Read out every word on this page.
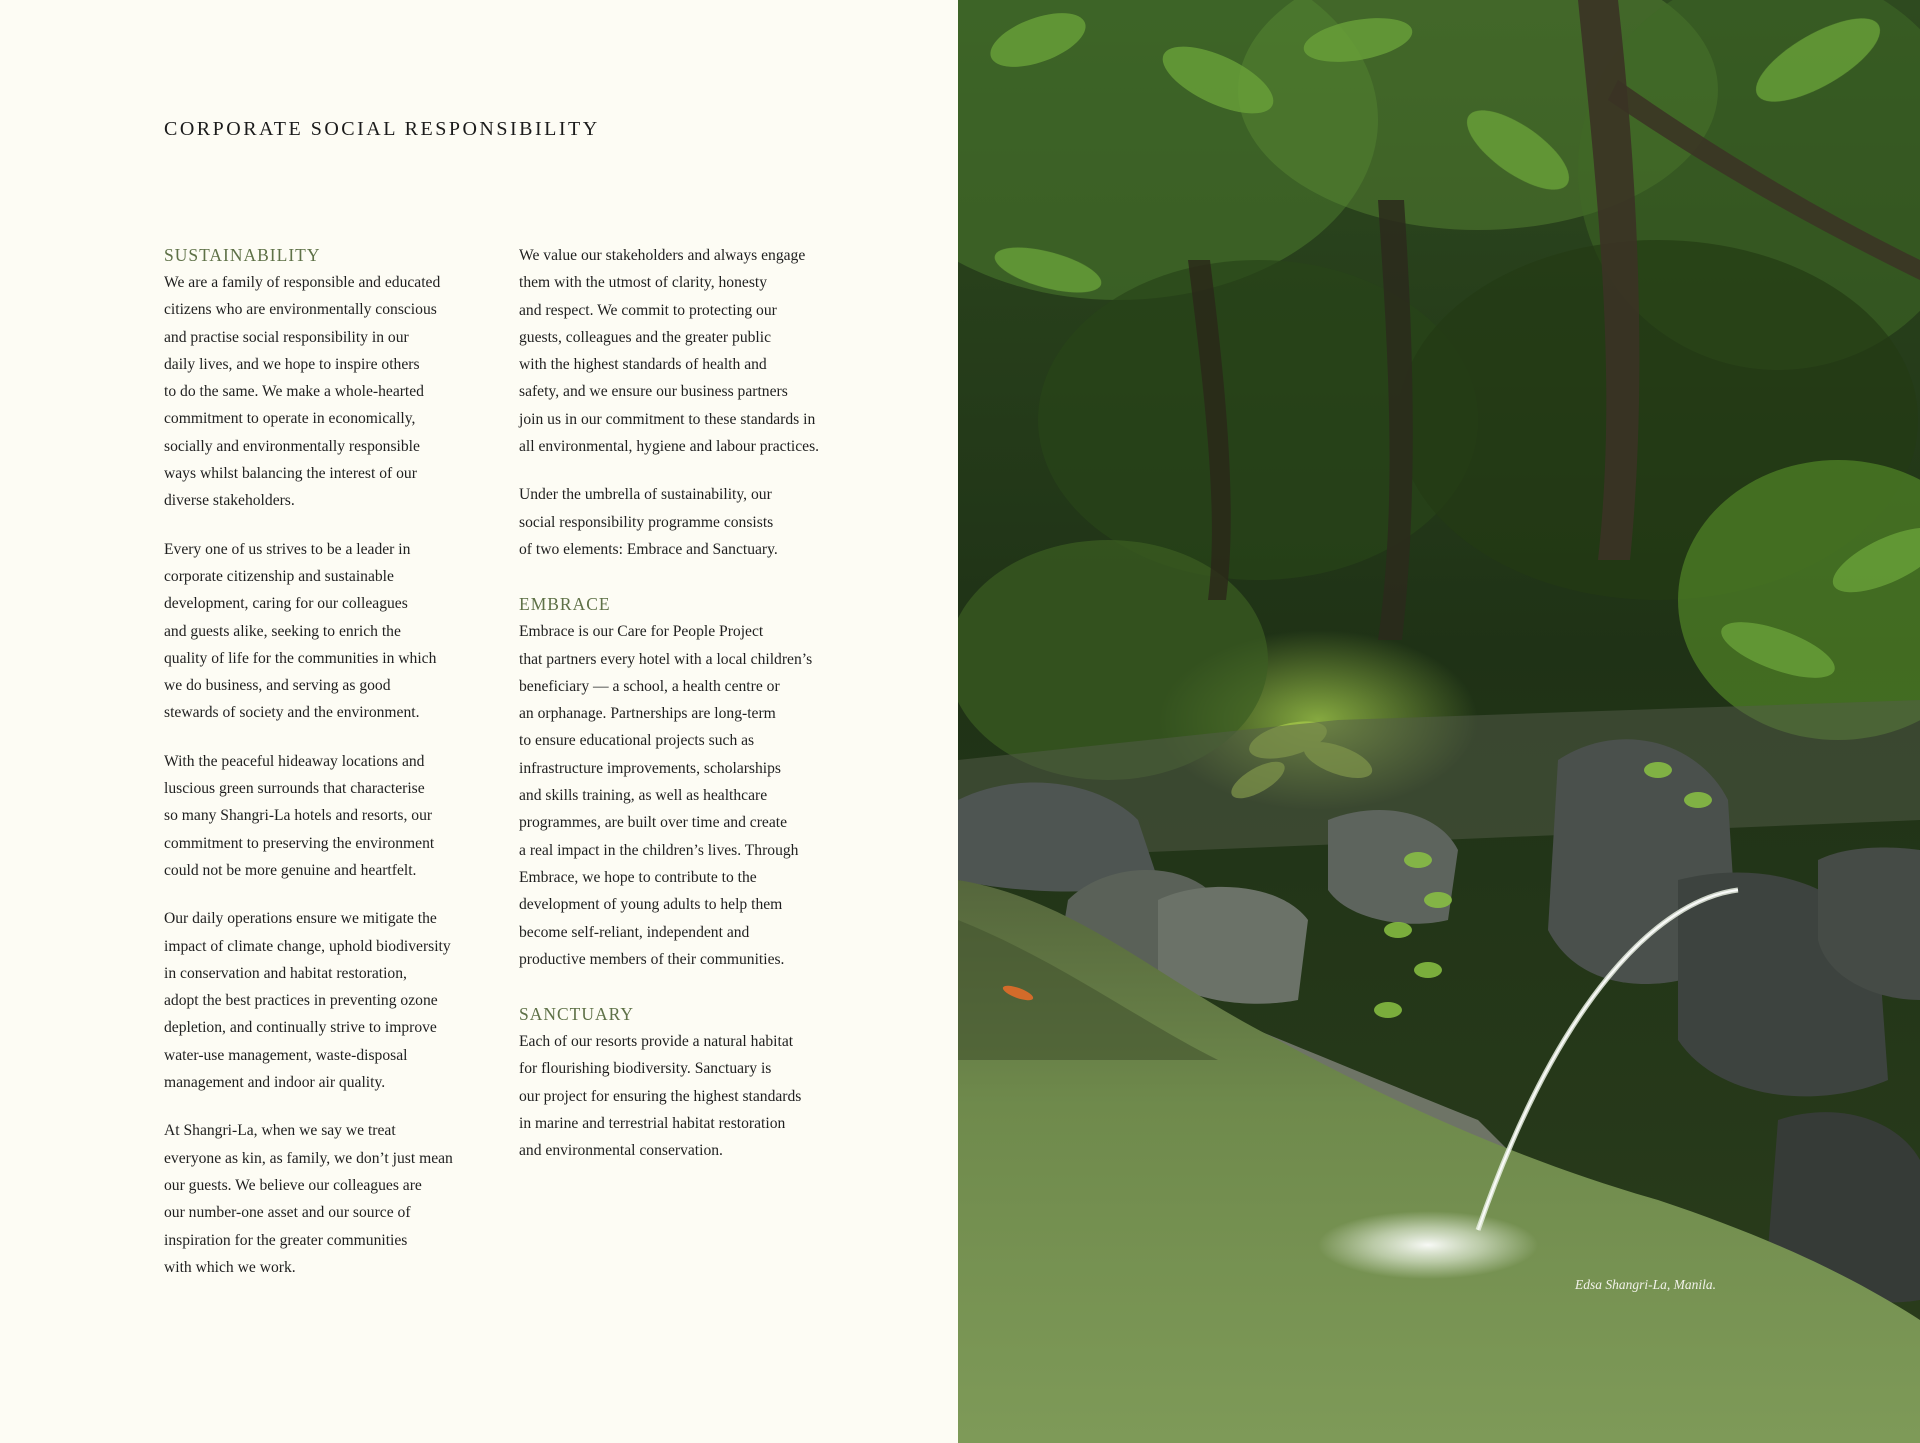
CORPORATE SOCIAL RESPONSIBILITY
SUSTAINABILITY

We are a family of responsible and educated
citizens who are environmentally conscious
and practise social responsibility in our
daily lives, and we hope to inspire others
to do the same. We make a whole-hearted
commitment to operate in economically,
socially and environmentally responsible
ways whilst balancing the interest of our
diverse stakeholders.

Every one of us strives to be a leader in
corporate citizenship and sustainable
development, caring for our colleagues
and guests alike, seeking to enrich the
quality of life for the communities in which
we do business, and serving as good
stewards of society and the environment.

With the peaceful hideaway locations and
luscious green surrounds that characterise
so many Shangri-La hotels and resorts, our
commitment to preserving the environment
could not be more genuine and heartfelt.

Our daily operations ensure we mitigate the
impact of climate change, uphold biodiversity
in conservation and habitat restoration,
adopt the best practices in preventing ozone
depletion, and continually strive to improve
water-use management, waste-disposal
management and indoor air quality.

At Shangri-La, when we say we treat
everyone as kin, as family, we don’t just mean
our guests. We believe our colleagues are
our number-one asset and our source of
inspiration for the greater communities
with which we work.

We value our stakeholders and always engage
them with the utmost of clarity, honesty
and respect. We commit to protecting our
guests, colleagues and the greater public
with the highest standards of health and
safety, and we ensure our business partners
join us in our commitment to these standards in
all environmental, hygiene and labour practices.

Under the umbrella of sustainability, our
social responsibility programme consists
of two elements: Embrace and Sanctuary.

EMBRACE

Embrace is our Care for People Project
that partners every hotel with a local children’s
beneficiary — a school, a health centre or
an orphanage. Partnerships are long-term
to ensure educational projects such as
infrastructure improvements, scholarships
and skills training, as well as healthcare
programmes, are built over time and create
a real impact in the children’s lives. Through
Embrace, we hope to contribute to the
development of young adults to help them
become self-reliant, independent and
productive members of their communities.

SANCTUARY

Each of our resorts provide a natural habitat
for flourishing biodiversity. Sanctuary is
our project for ensuring the highest standards
in marine and terrestrial habitat restoration
and environmental conservation.

Edsa Shangri-La, Manila.
